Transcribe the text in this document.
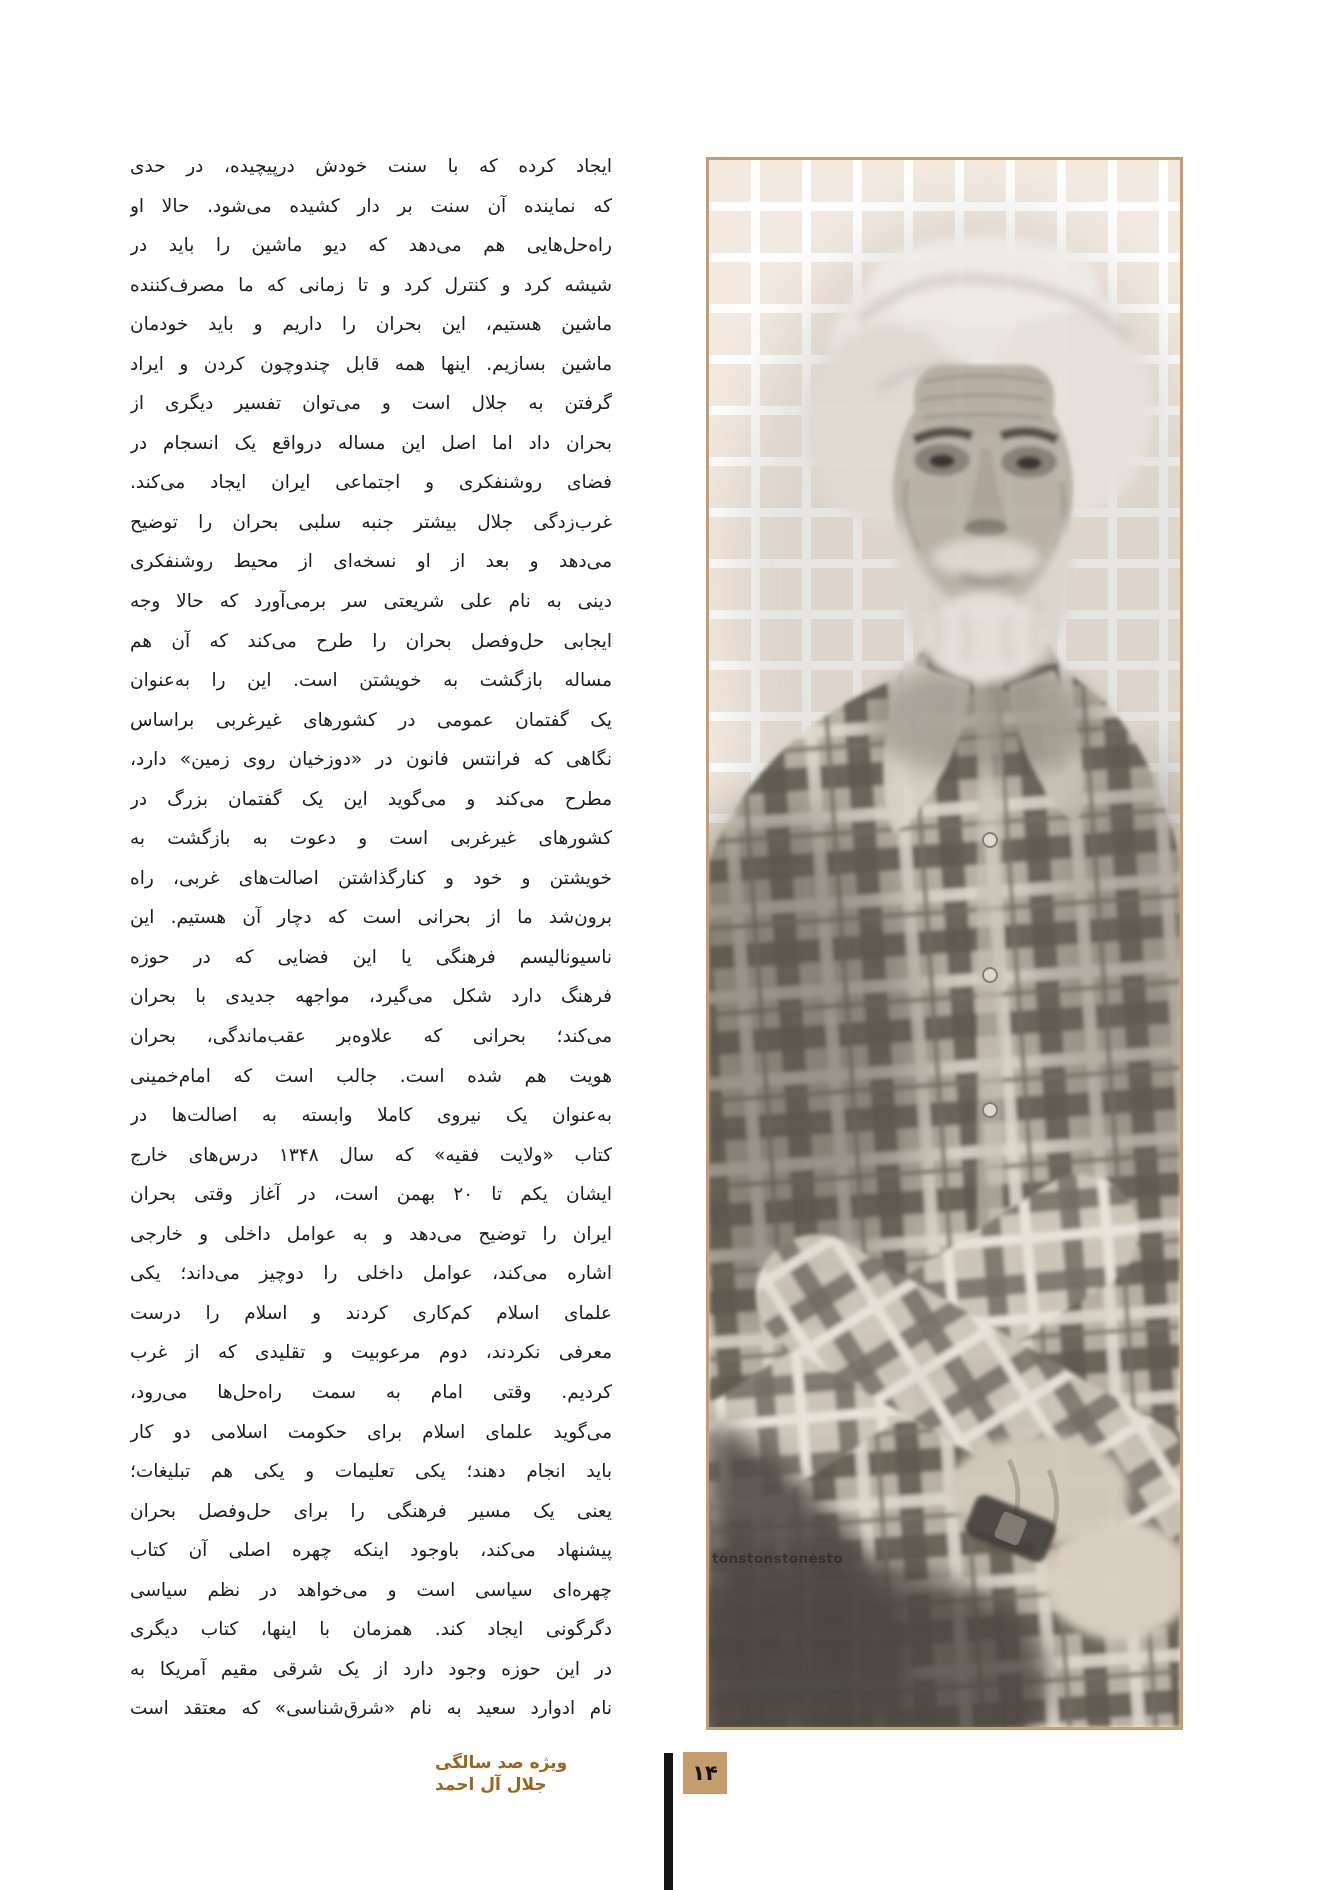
ایجاد کرده که با سنت خودش درپیچیده، در حدی
که نماینده آن سنت بر دار کشیده می‌شود. حالا او
راه‌حل‌هایی هم می‌دهد که دیو ماشین را باید در
شیشه کرد و کنترل کرد و تا زمانی که ما مصرف‌کننده
ماشین هستیم، این بحران را داریم و باید خودمان
ماشین بسازیم. اینها همه قابل چندوچون کردن و ایراد
گرفتن به جلال است و می‌توان تفسیر دیگری از
بحران داد اما اصل این مساله درواقع یک انسجام در
فضای روشنفکری و اجتماعی ایران ایجاد می‌کند.
غرب‌زدگی جلال بیشتر جنبه سلبی بحران را توضیح
می‌دهد و بعد از او نسخه‌ای از محیط روشنفکری
دینی به نام علی شریعتی سر برمی‌آورد که حالا وجه
ایجابی حل‌وفصل بحران را طرح می‌کند که آن هم
مساله بازگشت به خویشتن است. این را به‌عنوان
یک گفتمان عمومی در کشورهای غیرغربی براساس
نگاهی که فرانتس فانون در «دوزخیان روی زمین» دارد،
مطرح می‌کند و می‌گوید این یک گفتمان بزرگ در
کشورهای غیرغربی است و دعوت به بازگشت به
خویشتن و خود و کنارگذاشتن اصالت‌های غربی، راه
برون‌شد ما از بحرانی است که دچار آن هستیم. این
ناسیونالیسم فرهنگی یا این فضایی که در حوزه
فرهنگ دارد شکل می‌گیرد، مواجهه جدیدی با بحران
می‌کند؛ بحرانی که علاوه‌بر عقب‌ماندگی، بحران
هویت هم شده است. جالب است که امام‌خمینی
به‌عنوان یک نیروی کاملا وابسته به اصالت‌ها در
کتاب «ولایت فقیه» که سال ۱۳۴۸ درس‌های خارج
ایشان یکم تا ۲۰ بهمن است، در آغاز وقتی بحران
ایران را توضیح می‌دهد و به عوامل داخلی و خارجی
اشاره می‌کند، عوامل داخلی را دوچیز می‌داند؛ یکی
علمای اسلام کم‌کاری کردند و اسلام را درست
معرفی نکردند، دوم مرعوبیت و تقلیدی که از غرب
کردیم. وقتی امام به سمت راه‌حل‌ها می‌رود،
می‌گوید علمای اسلام برای حکومت اسلامی دو کار
باید انجام دهند؛ یکی تعلیمات و یکی هم تبلیغات؛
یعنی یک مسیر فرهنگی را برای حل‌وفصل بحران
پیشنهاد می‌کند، باوجود اینکه چهره اصلی آن کتاب
چهره‌ای سیاسی است و می‌خواهد در نظم سیاسی
دگرگونی ایجاد کند. همزمان با اینها، کتاب دیگری
در این حوزه وجود دارد از یک شرقی مقیم آمریکا به
نام ادوارد سعید به نام «شرق‌شناسی» که معتقد است
tonstonstonesto
ویژه صد سالگی
جلال آل احمد	۱۴
